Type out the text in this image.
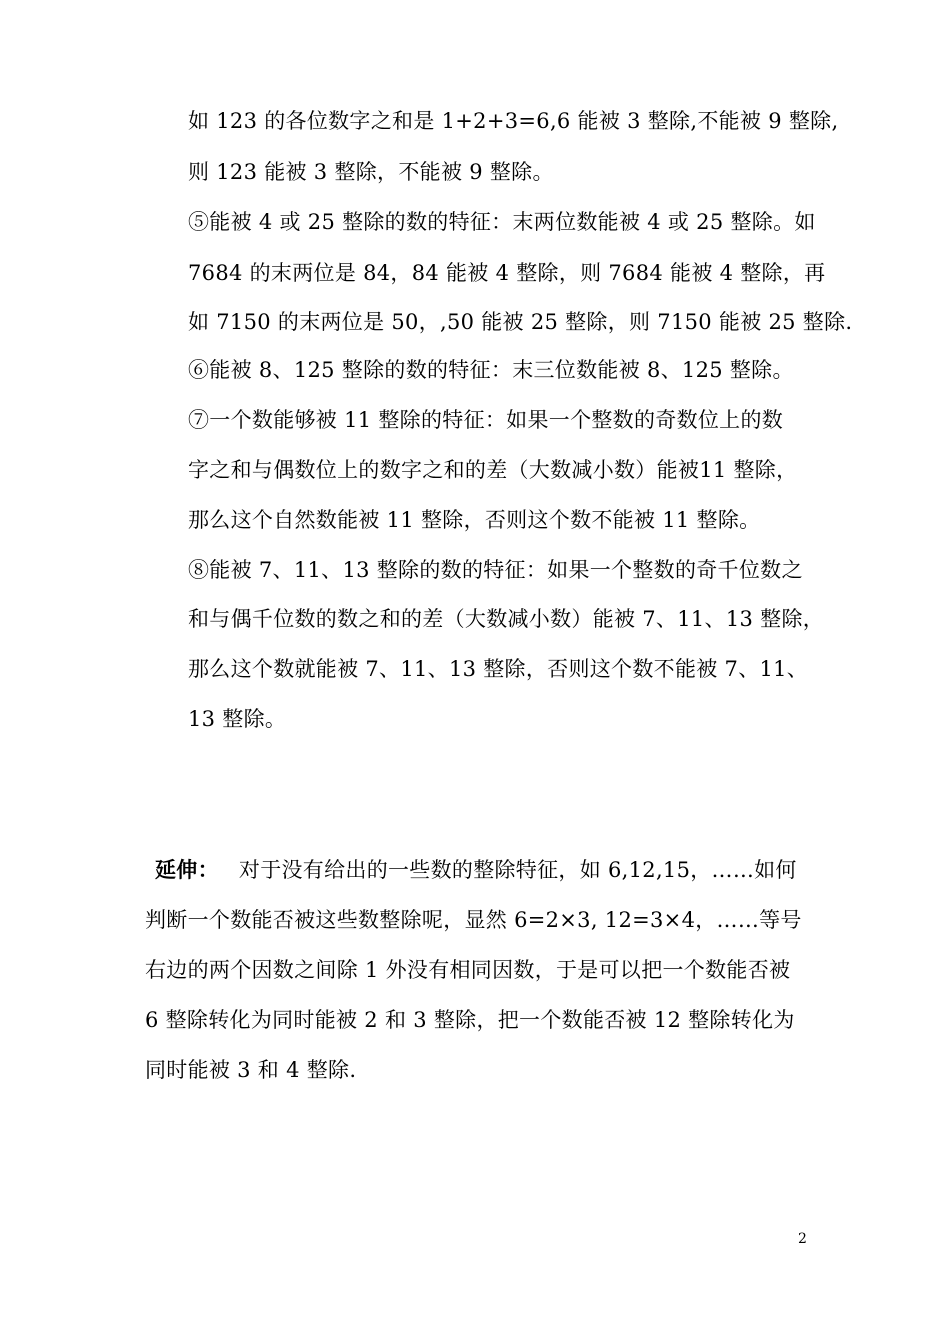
如 123 的各位数字之和是 1+2+3=6,6 能被 3 整除,不能被 9 整除,
则 123 能被 3 整除，不能被 9 整除。
⑤能被 4 或 25 整除的数的特征：末两位数能被 4 或 25 整除。如
7684 的末两位是 84，84 能被 4 整除，则 7684 能被 4 整除，再
如 7150 的末两位是 50，,50 能被 25 整除，则 7150 能被 25 整除.
⑥能被 8、125 整除的数的特征：末三位数能被 8、125 整除。
⑦一个数能够被 11 整除的特征：如果一个整数的奇数位上的数
字之和与偶数位上的数字之和的差（大数减小数）能被11 整除，
那么这个自然数能被 11 整除，否则这个数不能被 11 整除。
⑧能被 7、11、13 整除的数的特征：如果一个整数的奇千位数之
和与偶千位数的数之和的差（大数减小数）能被 7、11、13 整除，
那么这个数就能被 7、11、13 整除，否则这个数不能被 7、11、
13 整除。
延伸： 对于没有给出的一些数的整除特征，如 6,12,15，……如何
判断一个数能否被这些数整除呢，显然 6=2×3, 12=3×4，……等号
右边的两个因数之间除 1 外没有相同因数，于是可以把一个数能否被
6 整除转化为同时能被 2 和 3 整除，把一个数能否被 12 整除转化为
同时能被 3 和 4 整除.
2
